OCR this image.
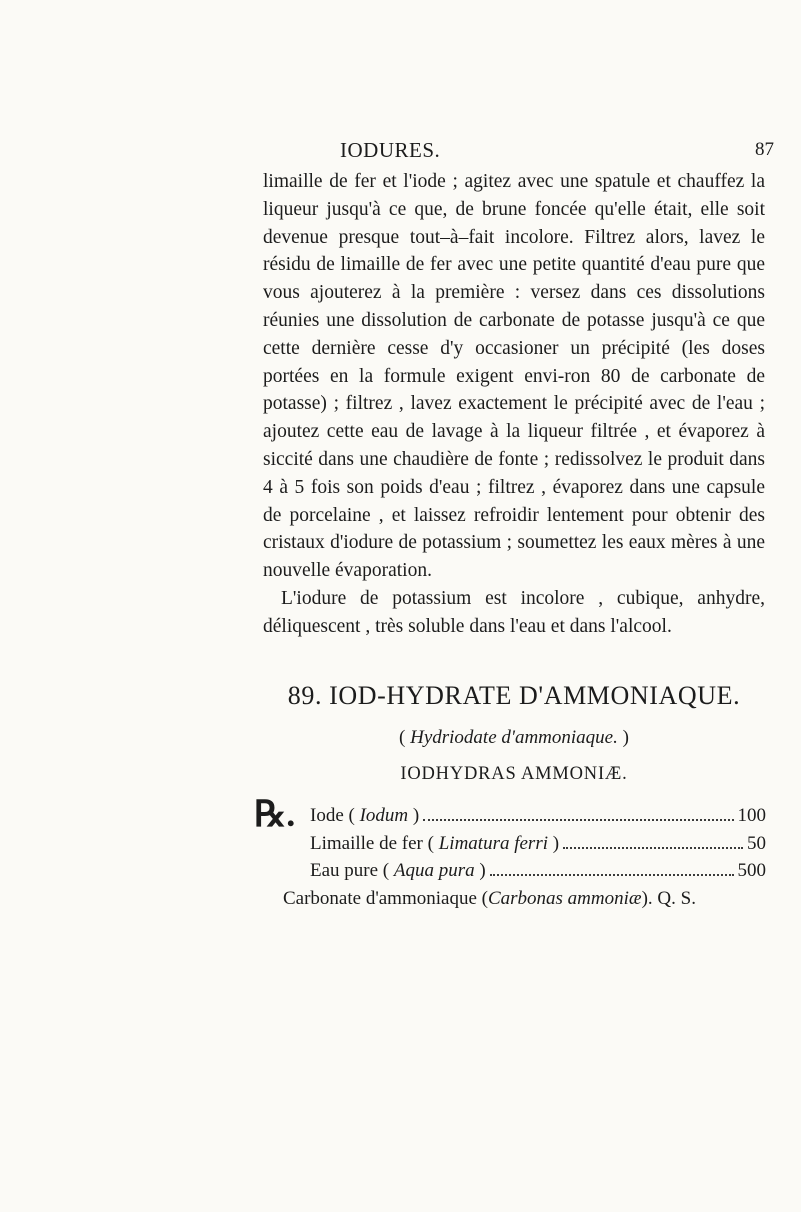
IODURES.	87

limaille de fer et l'iode ; agitez avec une spatule et chauffez la liqueur jusqu'à ce que, de brune foncée qu'elle était, elle soit devenue presque tout–à–fait incolore. Filtrez alors, lavez le résidu de limaille de fer avec une petite quantité d'eau pure que vous ajouterez à la première : versez dans ces dissolutions réunies une dissolution de carbonate de potasse jusqu'à ce que cette dernière cesse d'y occasioner un précipité (les doses portées en la formule exigent envi-ron 80 de carbonate de potasse) ; filtrez , lavez exactement le précipité avec de l'eau ; ajoutez cette eau de lavage à la liqueur filtrée , et évaporez à siccité dans une chaudière de fonte ; redissolvez le produit dans 4 à 5 fois son poids d'eau ; filtrez , évaporez dans une capsule de porcelaine , et laissez refroidir lentement pour obtenir des cristaux d'iodure de potassium ; soumettez les eaux mères à une nouvelle évaporation.

L'iodure de potassium est incolore , cubique, anhydre, déliquescent , très soluble dans l'eau et dans l'alcool.

89. IOD-HYDRATE D'AMMONIAQUE.
( Hydriodate d'ammoniaque. )
IODHYDRAS AMMONIÆ.
℞. Iode ( Iodum )	100
Limaille de fer ( Limatura ferri )	50
Eau pure ( Aqua pura )	500
Carbonate d'ammoniaque (Carbonas ammoniæ). Q. S.
